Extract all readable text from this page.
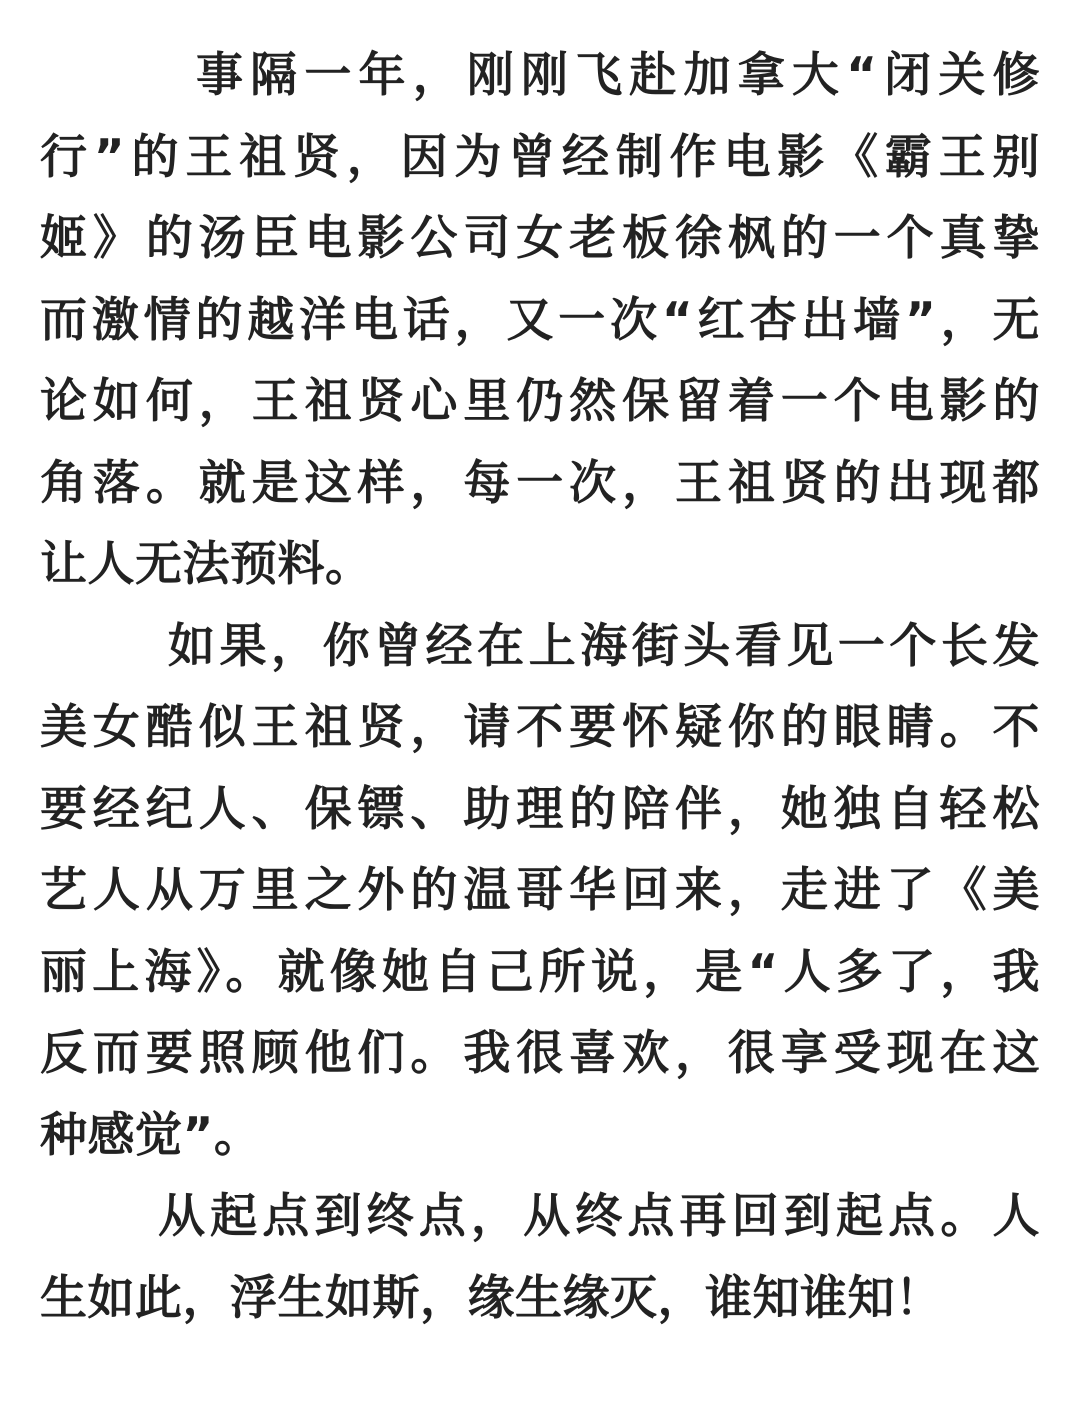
事隔一年，刚刚飞赴加拿大“闭关修
行”的王祖贤，因为曾经制作电影《霸王别
姬》的汤臣电影公司女老板徐枫的一个真挚
而激情的越洋电话，又一次“红杏出墙”，无
论如何，王祖贤心里仍然保留着一个电影的
角落。就是这样，每一次，王祖贤的出现都
让人无法预料。
如果，你曾经在上海街头看见一个长发
美女酷似王祖贤，请不要怀疑你的眼睛。不
要经纪人、保镖、助理的陪伴，她独自轻松
艺人从万里之外的温哥华回来，走进了《美
丽上海》。就像她自己所说，是“人多了，我
反而要照顾他们。我很喜欢，很享受现在这
种感觉”。
从起点到终点，从终点再回到起点。人
生如此，浮生如斯，缘生缘灭，谁知谁知！
